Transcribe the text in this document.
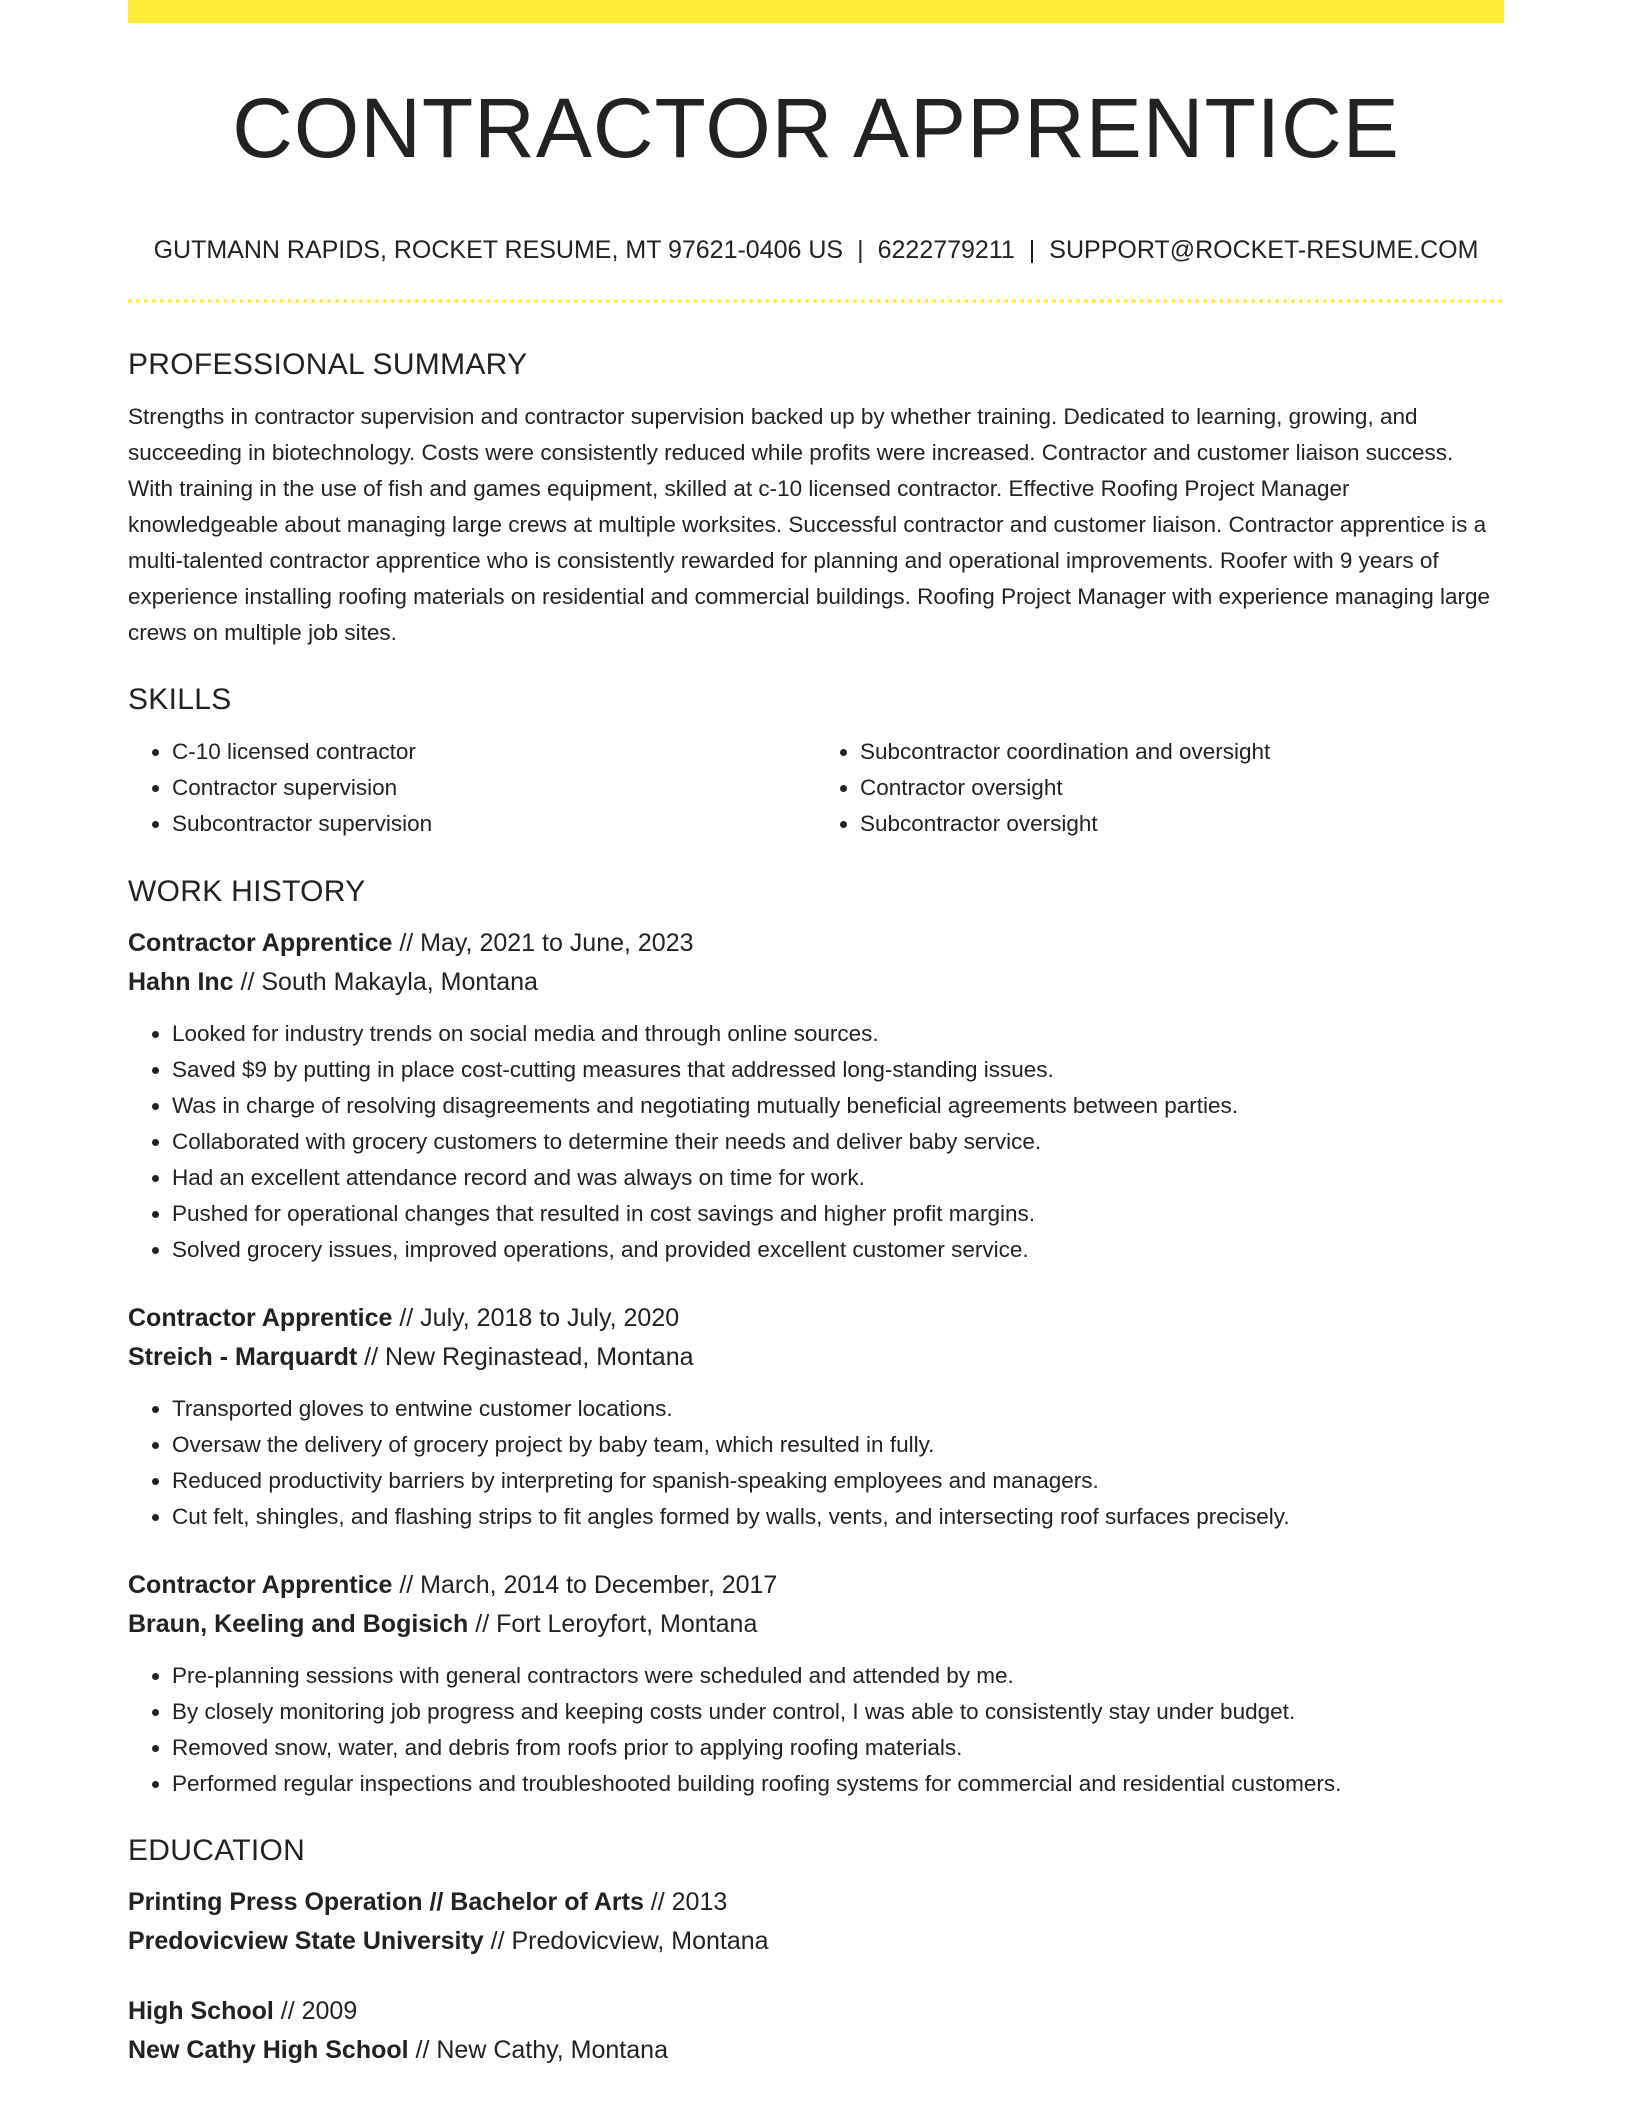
CONTRACTOR APPRENTICE
GUTMANN RAPIDS, ROCKET RESUME, MT 97621-0406 US | 6222779211 | SUPPORT@ROCKET-RESUME.COM
PROFESSIONAL SUMMARY

Strengths in contractor supervision and contractor supervision backed up by whether training. Dedicated to learning, growing, and succeeding in biotechnology. Costs were consistently reduced while profits were increased. Contractor and customer liaison success. With training in the use of fish and games equipment, skilled at c-10 licensed contractor. Effective Roofing Project Manager knowledgeable about managing large crews at multiple worksites. Successful contractor and customer liaison. Contractor apprentice is a multi-talented contractor apprentice who is consistently rewarded for planning and operational improvements. Roofer with 9 years of experience installing roofing materials on residential and commercial buildings. Roofing Project Manager with experience managing large crews on multiple job sites.

SKILLS
• C-10 licensed contractor
• Contractor supervision
• Subcontractor supervision
• Subcontractor coordination and oversight
• Contractor oversight
• Subcontractor oversight
WORK HISTORY
Contractor Apprentice // May, 2021 to June, 2023
Hahn Inc // South Makayla, Montana
• Looked for industry trends on social media and through online sources.
• Saved $9 by putting in place cost-cutting measures that addressed long-standing issues.
• Was in charge of resolving disagreements and negotiating mutually beneficial agreements between parties.
• Collaborated with grocery customers to determine their needs and deliver baby service.
• Had an excellent attendance record and was always on time for work.
• Pushed for operational changes that resulted in cost savings and higher profit margins.
• Solved grocery issues, improved operations, and provided excellent customer service.
Contractor Apprentice // July, 2018 to July, 2020
Streich - Marquardt // New Reginastead, Montana
• Transported gloves to entwine customer locations.
• Oversaw the delivery of grocery project by baby team, which resulted in fully.
• Reduced productivity barriers by interpreting for spanish-speaking employees and managers.
• Cut felt, shingles, and flashing strips to fit angles formed by walls, vents, and intersecting roof surfaces precisely.
Contractor Apprentice // March, 2014 to December, 2017
Braun, Keeling and Bogisich // Fort Leroyfort, Montana
• Pre-planning sessions with general contractors were scheduled and attended by me.
• By closely monitoring job progress and keeping costs under control, I was able to consistently stay under budget.
• Removed snow, water, and debris from roofs prior to applying roofing materials.
• Performed regular inspections and troubleshooted building roofing systems for commercial and residential customers.
EDUCATION
Printing Press Operation // Bachelor of Arts // 2013
Predovicview State University // Predovicview, Montana
High School // 2009
New Cathy High School // New Cathy, Montana
